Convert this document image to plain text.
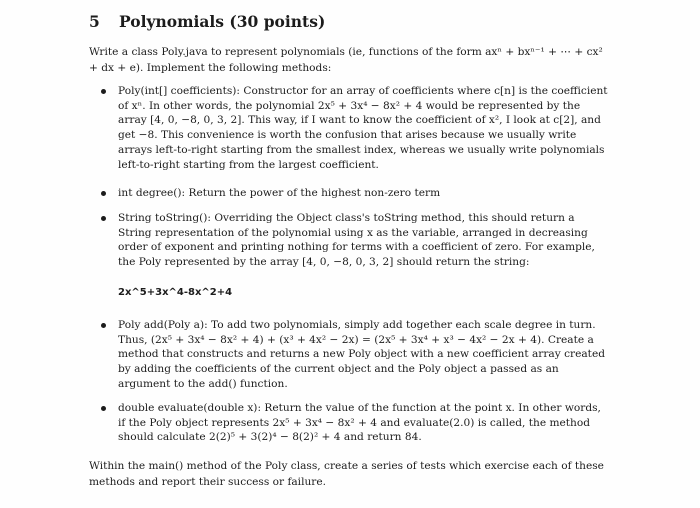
5 Polynomials (30 points)

Write a class Poly.java to represent polynomials (ie, functions of the form axⁿ + bxⁿ⁻¹ + ⋯ + cx² + dx + e). Implement the following methods:

Poly(int[] coefficients): Constructor for an array of coefficients where c[n] is the coefficient of xⁿ. In other words, the polynomial 2x⁵ + 3x⁴ − 8x² + 4 would be represented by the array [4, 0, −8, 0, 3, 2]. This way, if I want to know the coefficient of x², I look at c[2], and get −8. This convenience is worth the confusion that arises because we usually write arrays left-to-right starting from the smallest index, whereas we usually write polynomials left-to-right starting from the largest coefficient.
int degree(): Return the power of the highest non-zero term
String toString(): Overriding the Object class's toString method, this should return a String representation of the polynomial using x as the variable, arranged in decreasing order of exponent and printing nothing for terms with a coefficient of zero. For example, the Poly represented by the array [4, 0, −8, 0, 3, 2] should return the string:
Poly add(Poly a): To add two polynomials, simply add together each scale degree in turn. Thus, (2x⁵ + 3x⁴ − 8x² + 4) + (x³ + 4x² − 2x) = (2x⁵ + 3x⁴ + x³ − 4x² − 2x + 4). Create a method that constructs and returns a new Poly object with a new coefficient array created by adding the coefficients of the current object and the Poly object a passed as an argument to the add() function.
double evaluate(double x): Return the value of the function at the point x. In other words, if the Poly object represents 2x⁵ + 3x⁴ − 8x² + 4 and evaluate(2.0) is called, the method should calculate 2(2)⁵ + 3(2)⁴ − 8(2)² + 4 and return 84.
2x^5+3x^4-8x^2+4

Within the main() method of the Poly class, create a series of tests which exercise each of these methods and report their success or failure.
